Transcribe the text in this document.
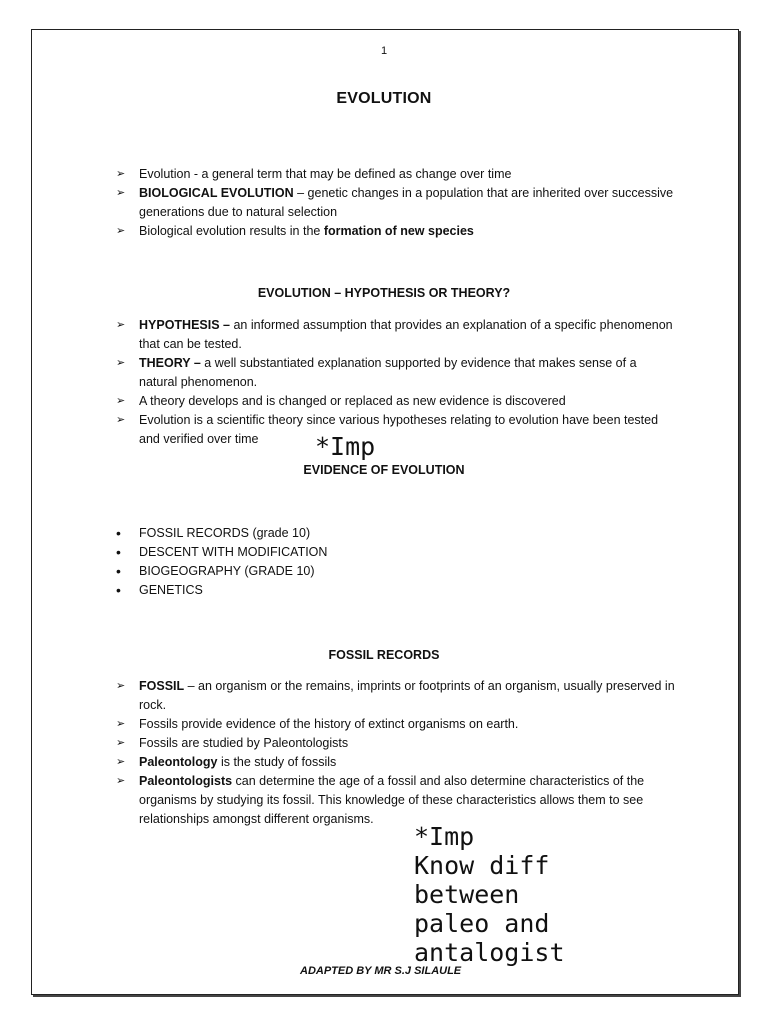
1
EVOLUTION
➢	Evolution - a general term that may be defined as change over time
➢	BIOLOGICAL EVOLUTION – genetic changes in a population that are inherited over successive generations due to natural selection
➢	Biological evolution results in the formation of new species
EVOLUTION – HYPOTHESIS OR THEORY?
➢	HYPOTHESIS – an informed assumption that provides an explanation of a specific phenomenon that can be tested.
➢	THEORY – a well substantiated explanation supported by evidence that makes sense of a natural phenomenon.
➢	A theory develops and is changed or replaced as new evidence is discovered
➢	Evolution is a scientific theory since various hypotheses relating to evolution have been tested and verified over time	*Imp
EVIDENCE OF EVOLUTION
•	FOSSIL RECORDS (grade 10)
•	DESCENT WITH MODIFICATION
•	BIOGEOGRAPHY (GRADE 10)
•	GENETICS
FOSSIL RECORDS
➢	FOSSIL – an organism or the remains, imprints or footprints of an organism, usually preserved in rock.
➢	Fossils provide evidence of the history of extinct organisms on earth.
➢	Fossils are studied by Paleontologists
➢	Paleontology is the study of fossils
➢	Paleontologists can determine the age of a fossil and also determine characteristics of the organisms by studying its fossil. This knowledge of these characteristics allows them to see relationships amongst different organisms.
*Imp
Know diff
between
paleo and
antalogist
ADAPTED BY MR S.J SILAULE
